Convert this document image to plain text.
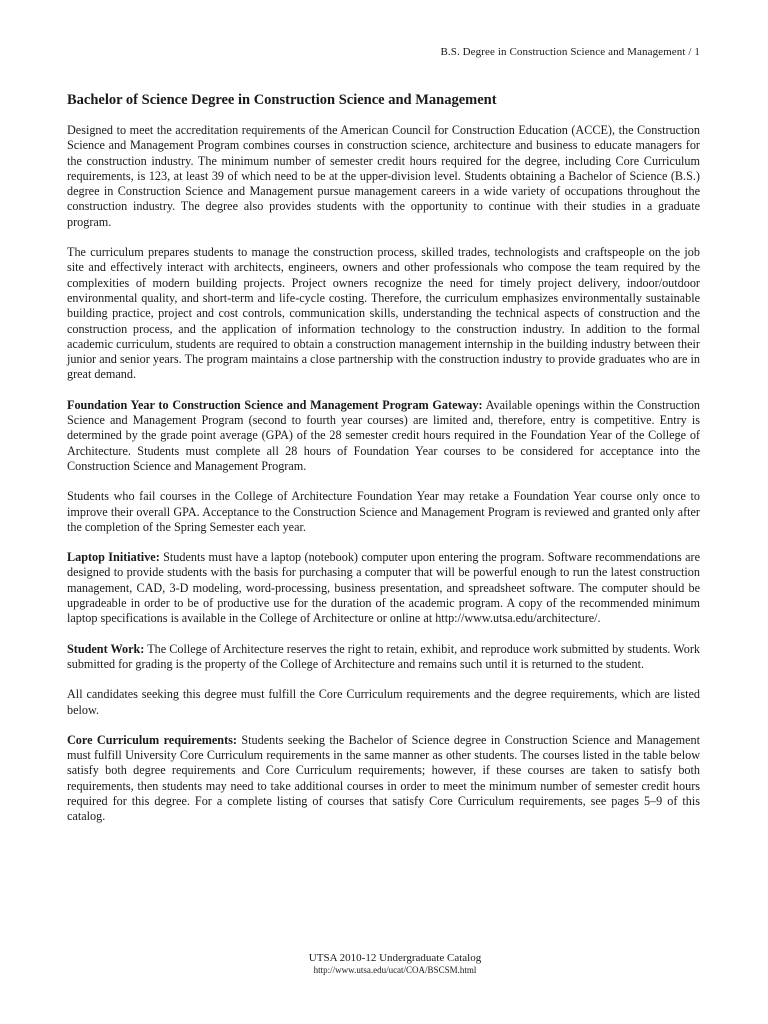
B.S. Degree in Construction Science and Management / 1
Bachelor of Science Degree in Construction Science and Management

Designed to meet the accreditation requirements of the American Council for Construction Education (ACCE), the Construction Science and Management Program combines courses in construction science, architecture and business to educate managers for the construction industry. The minimum number of semester credit hours required for the degree, including Core Curriculum requirements, is 123, at least 39 of which need to be at the upper-division level. Students obtaining a Bachelor of Science (B.S.) degree in Construction Science and Management pursue management careers in a wide variety of occupations throughout the construction industry. The degree also provides students with the opportunity to continue with their studies in a graduate program.

The curriculum prepares students to manage the construction process, skilled trades, technologists and craftspeople on the job site and effectively interact with architects, engineers, owners and other professionals who compose the team required by the complexities of modern building projects. Project owners recognize the need for timely project delivery, indoor/outdoor environmental quality, and short-term and life-cycle costing. Therefore, the curriculum emphasizes environmentally sustainable building practice, project and cost controls, communication skills, understanding the technical aspects of construction and the construction process, and the application of information technology to the construction industry. In addition to the formal academic curriculum, students are required to obtain a construction management internship in the building industry between their junior and senior years. The program maintains a close partnership with the construction industry to provide graduates who are in great demand.

Foundation Year to Construction Science and Management Program Gateway: Available openings within the Construction Science and Management Program (second to fourth year courses) are limited and, therefore, entry is competitive. Entry is determined by the grade point average (GPA) of the 28 semester credit hours required in the Foundation Year of the College of Architecture. Students must complete all 28 hours of Foundation Year courses to be considered for acceptance into the Construction Science and Management Program.

Students who fail courses in the College of Architecture Foundation Year may retake a Foundation Year course only once to improve their overall GPA. Acceptance to the Construction Science and Management Program is reviewed and granted only after the completion of the Spring Semester each year.

Laptop Initiative: Students must have a laptop (notebook) computer upon entering the program. Software recommendations are designed to provide students with the basis for purchasing a computer that will be powerful enough to run the latest construction management, CAD, 3-D modeling, word-processing, business presentation, and spreadsheet software. The computer should be upgradeable in order to be of productive use for the duration of the academic program. A copy of the recommended minimum laptop specifications is available in the College of Architecture or online at http://www.utsa.edu/architecture/.

Student Work: The College of Architecture reserves the right to retain, exhibit, and reproduce work submitted by students. Work submitted for grading is the property of the College of Architecture and remains such until it is returned to the student.

All candidates seeking this degree must fulfill the Core Curriculum requirements and the degree requirements, which are listed below.

Core Curriculum requirements: Students seeking the Bachelor of Science degree in Construction Science and Management must fulfill University Core Curriculum requirements in the same manner as other students. The courses listed in the table below satisfy both degree requirements and Core Curriculum requirements; however, if these courses are taken to satisfy both requirements, then students may need to take additional courses in order to meet the minimum number of semester credit hours required for this degree. For a complete listing of courses that satisfy Core Curriculum requirements, see pages 5–9 of this catalog.

UTSA 2010-12 Undergraduate Catalog
http://www.utsa.edu/ucat/COA/BSCSM.html
